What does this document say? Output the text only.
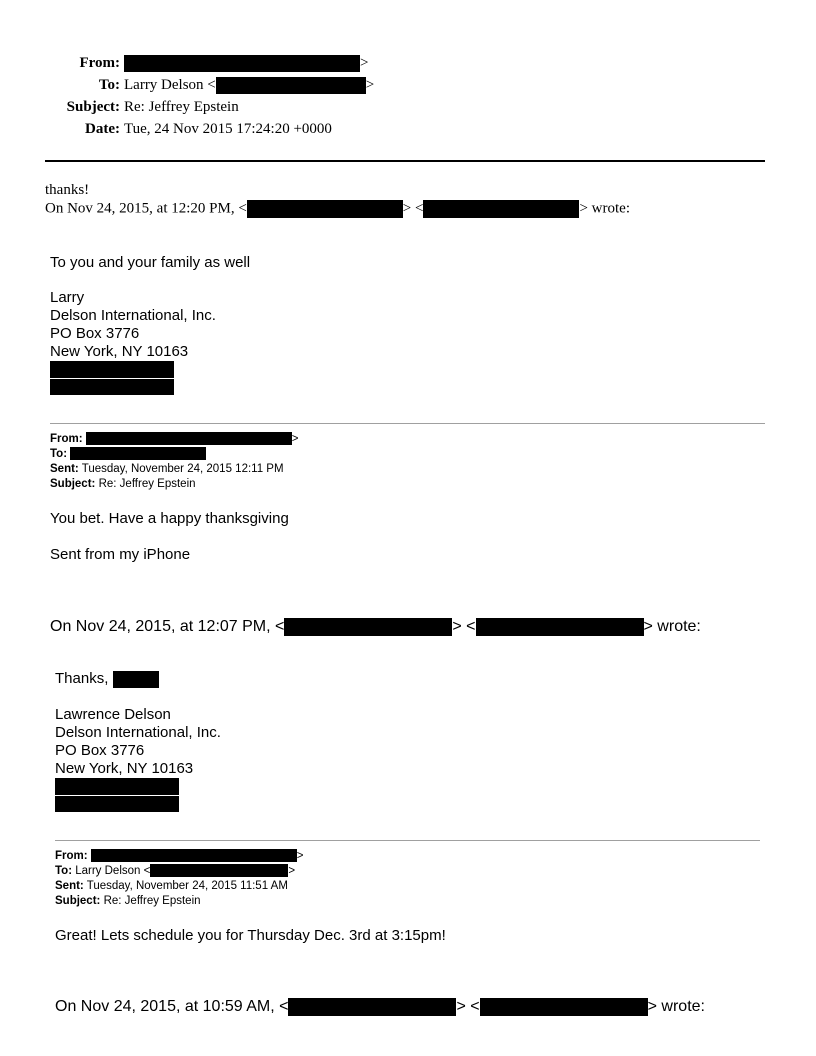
From:	>
To: Larry Delson <	>
Subject: Re: Jeffrey Epstein
Date: Tue, 24 Nov 2015 17:24:20 +0000
thanks!
On Nov 24, 2015, at 12:20 PM, <	> <	> wrote:
To you and your family as well
Larry
Delson International, Inc.
PO Box 3776
New York, NY 10163
From:	>
To:
Sent: Tuesday, November 24, 2015 12:11 PM
Subject: Re: Jeffrey Epstein
You bet. Have a happy thanksgiving
Sent from my iPhone
On Nov 24, 2015, at 12:07 PM, <	> <	> wrote:
Thanks,
Lawrence Delson
Delson International, Inc.
PO Box 3776
New York, NY 10163
From:	>
To: Larry Delson <	>
Sent: Tuesday, November 24, 2015 11:51 AM
Subject: Re: Jeffrey Epstein
Great! Lets schedule you for Thursday Dec. 3rd at 3:15pm!
On Nov 24, 2015, at 10:59 AM, <	> <	> wrote:
